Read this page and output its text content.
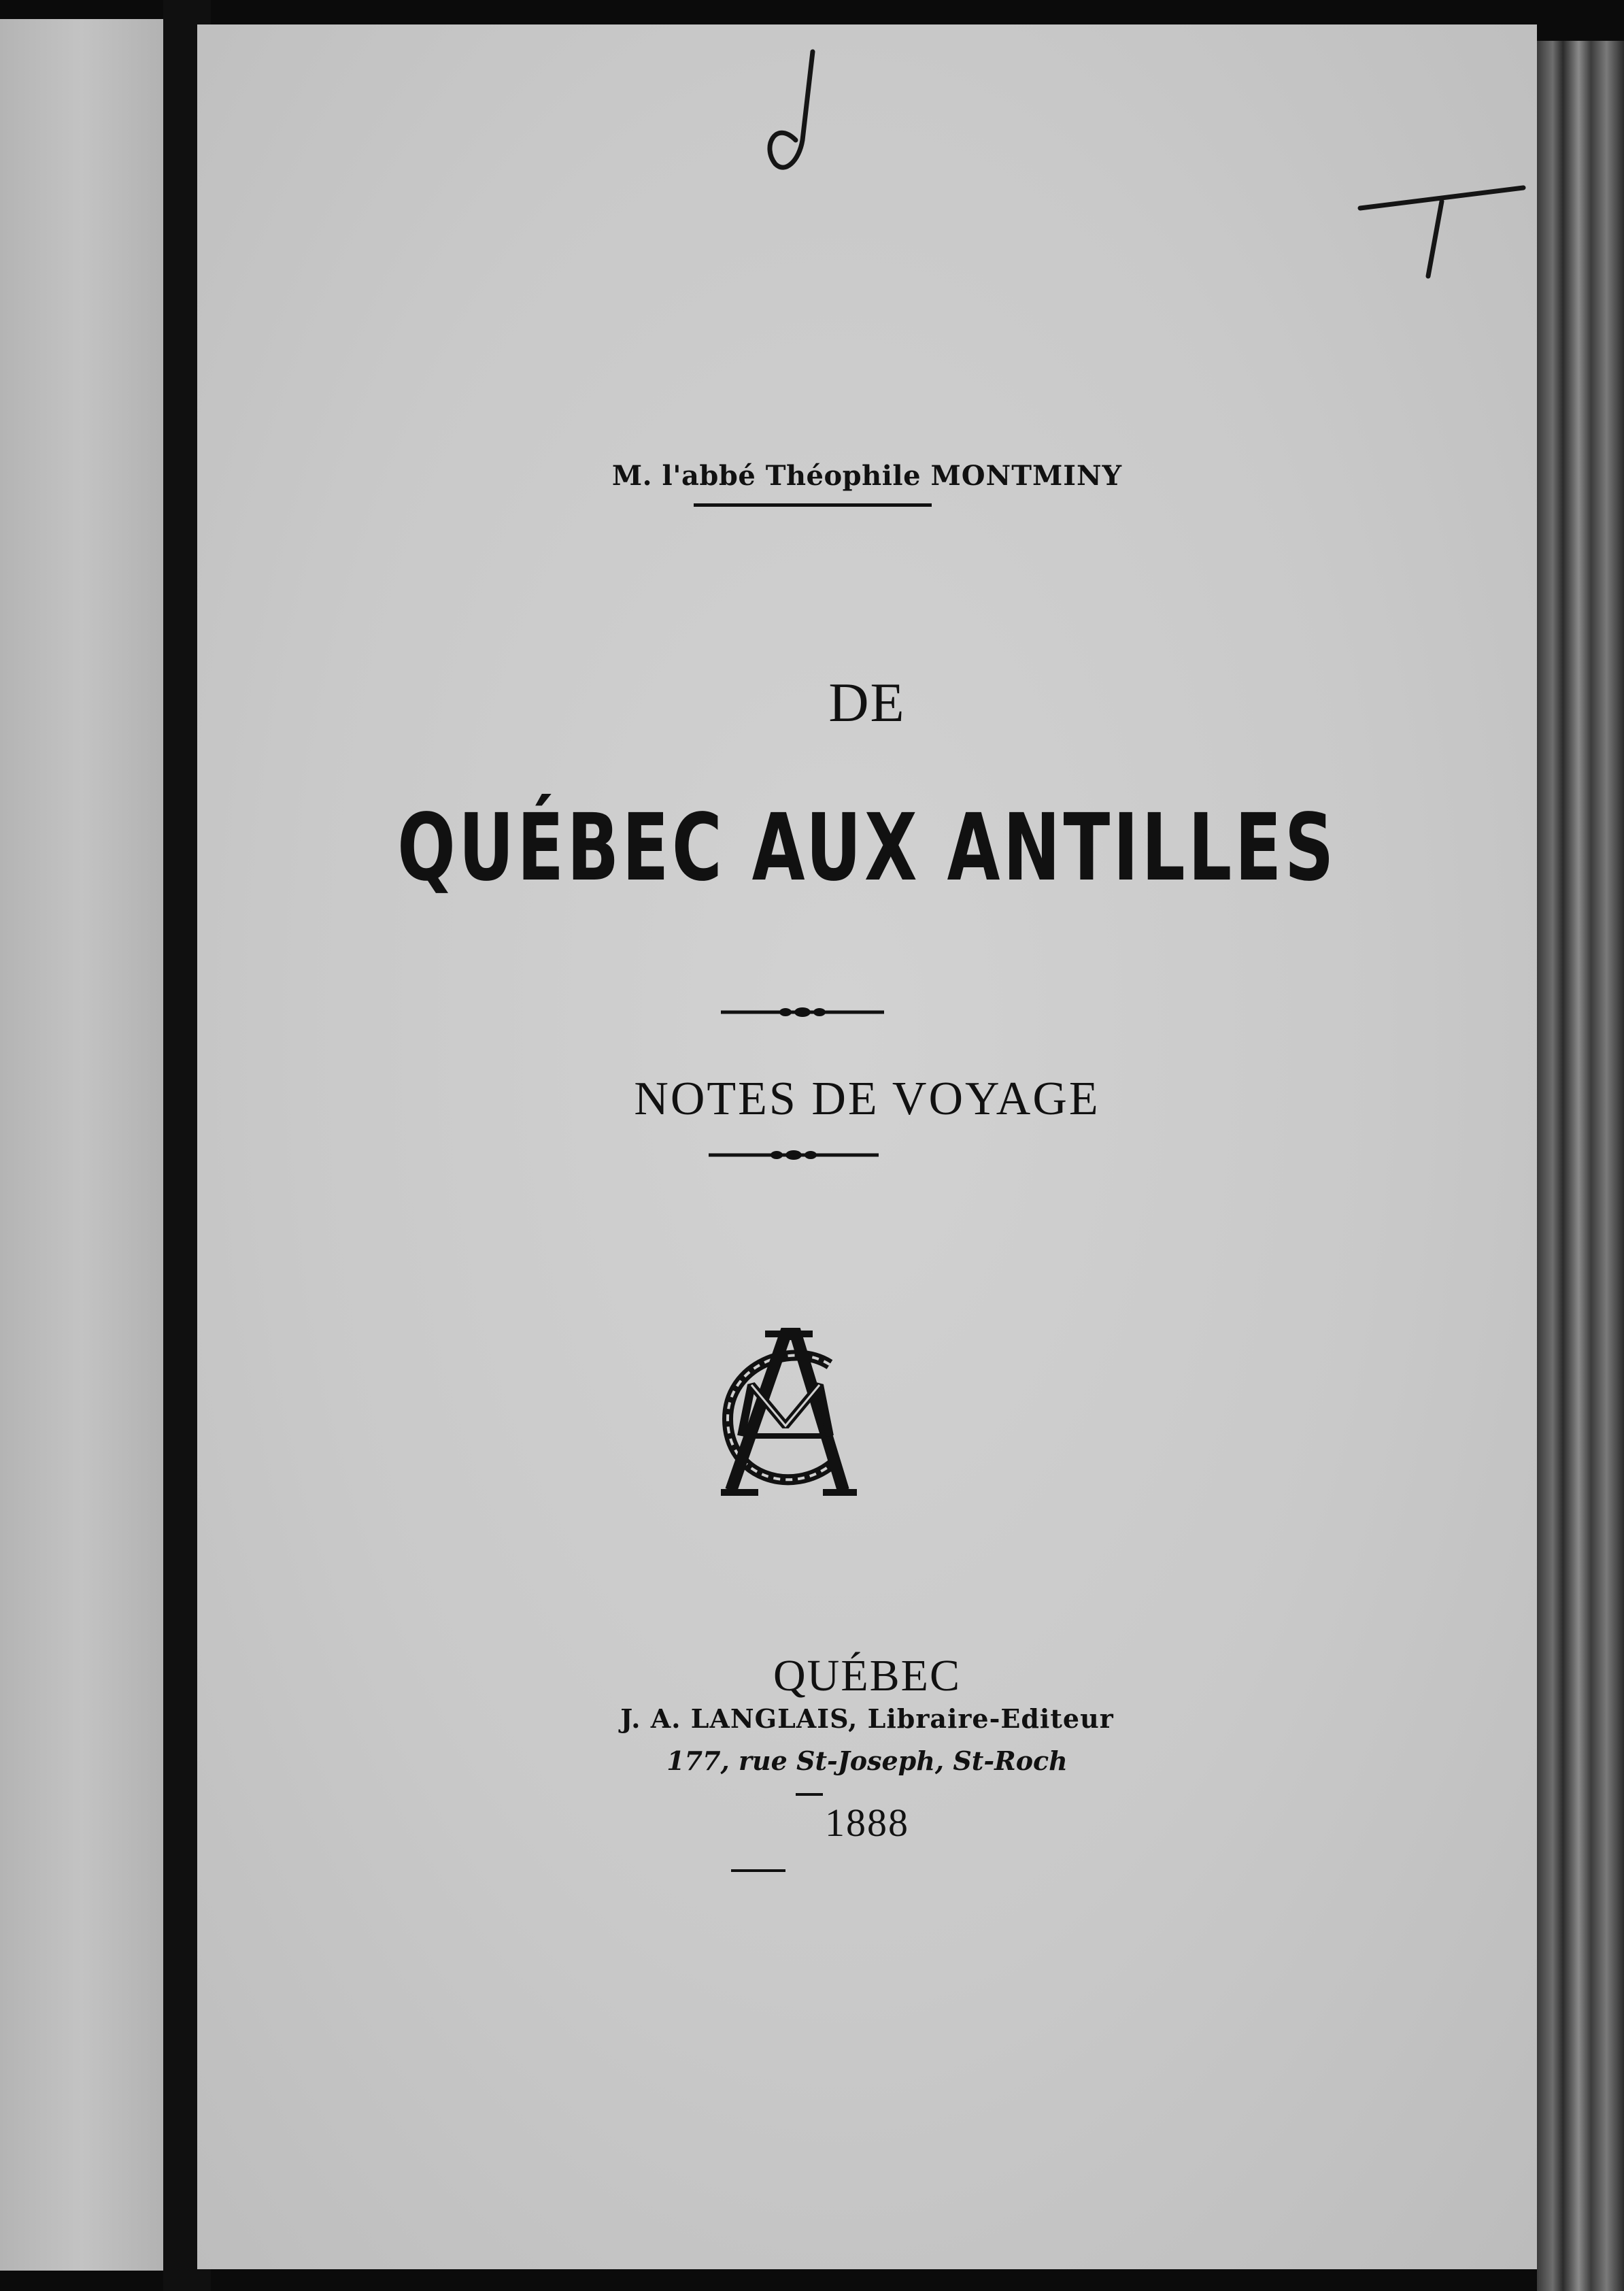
M. l'abbé Théophile MONTMINY
DE
QUÉBEC AUX ANTILLES
NOTES DE VOYAGE
QUÉBEC
J. A. LANGLAIS, Libraire-Editeur
177, rue St-Joseph, St-Roch
1888
